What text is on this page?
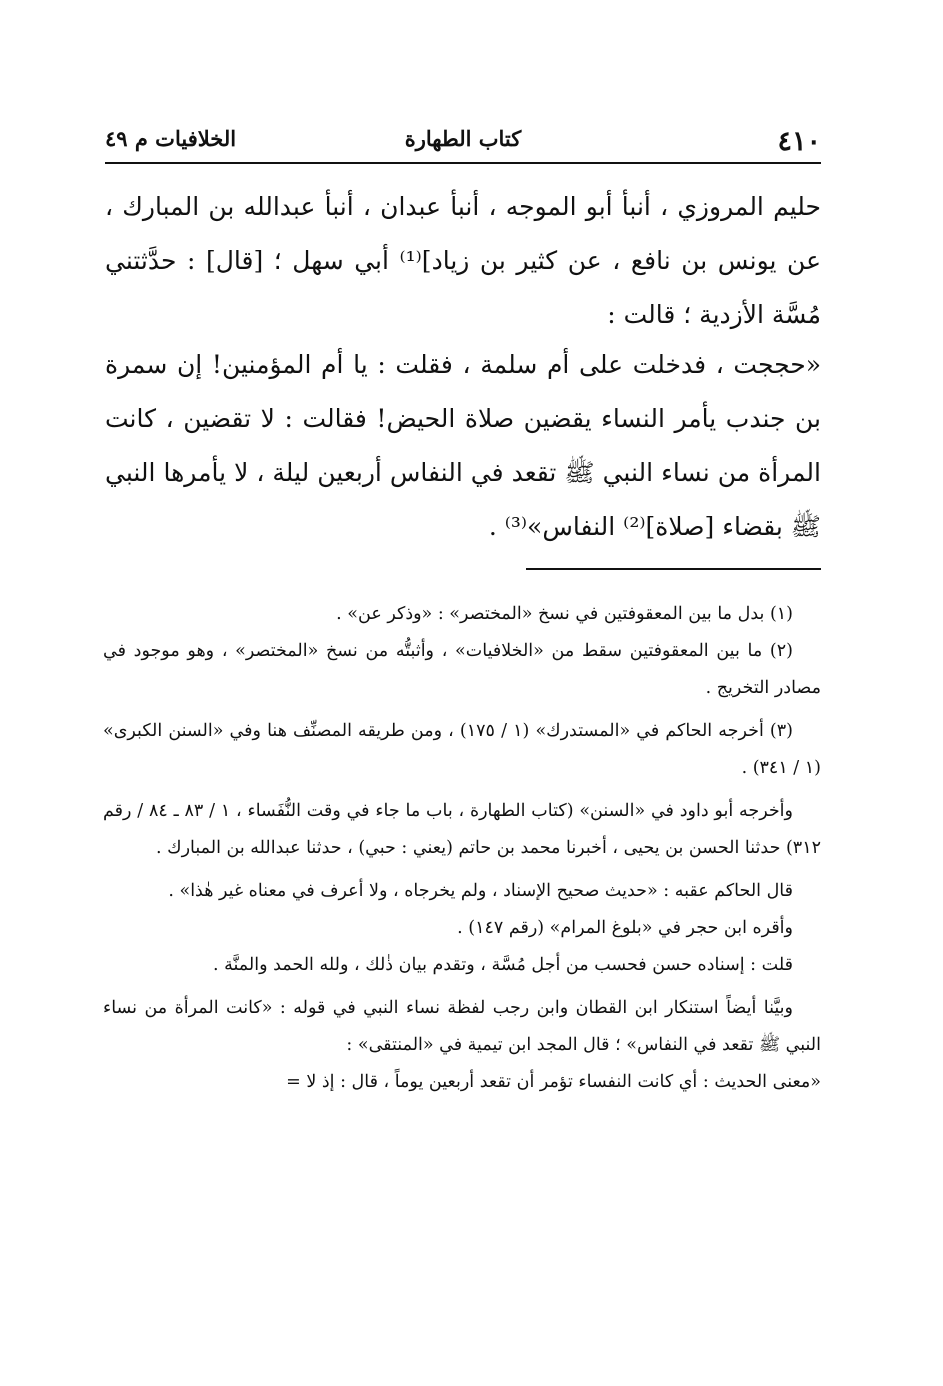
٤١٠
كتاب الطهارة
الخلافيات م ٤٩

حليم المروزي ، أنبأ أبو الموجه ، أنبأ عبدان ، أنبأ عبدالله بن المبارك ، عن يونس بن نافع ، عن كثير بن زياد]⁽¹⁾ أبي سهل ؛ [قال] : حدَّثتني مُسَّة الأزدية ؛ قالت :

«حججت ، فدخلت على أم سلمة ، فقلت : يا أم المؤمنين! إن سمرة بن جندب يأمر النساء يقضين صلاة الحيض! فقالت : لا تقضين ، كانت المرأة من نساء النبي ﷺ تقعد في النفاس أربعين ليلة ، لا يأمرها النبي ﷺ بقضاء [صلاة]⁽²⁾ النفاس»⁽³⁾ .

(١) بدل ما بين المعقوفتين في نسخ «المختصر» : «وذكر عن» .

(٢) ما بين المعقوفتين سقط من «الخلافيات» ، وأثبتُّه من نسخ «المختصر» ، وهو موجود في مصادر التخريج .

(٣) أخرجه الحاكم في «المستدرك» (١ / ١٧٥) ، ومن طريقه المصنِّف هنا وفي «السنن الكبرى» (١ / ٣٤١) .

وأخرجه أبو داود في «السنن» (كتاب الطهارة ، باب ما جاء في وقت النُّفَساء ، ١ / ٨٣ ـ ٨٤ / رقم ٣١٢) حدثنا الحسن بن يحيى ، أخبرنا محمد بن حاتم (يعني : حبي) ، حدثنا عبدالله بن المبارك .

قال الحاكم عقبه : «حديث صحيح الإسناد ، ولم يخرجاه ، ولا أعرف في معناه غير هٰذا» .

وأقره ابن حجر في «بلوغ المرام» (رقم ١٤٧) .

قلت : إسناده حسن فحسب من أجل مُسَّة ، وتقدم بيان ذٰلك ، ولله الحمد والمنَّة .

وبيَّنا أيضاً استنكار ابن القطان وابن رجب لفظة نساء النبي في قوله : «كانت المرأة من نساء النبي ﷺ تقعد في النفاس» ؛ قال المجد ابن تيمية في «المنتقى» :

«معنى الحديث : أي كانت النفساء تؤمر أن تقعد أربعين يوماً ، قال : إذ لا =
